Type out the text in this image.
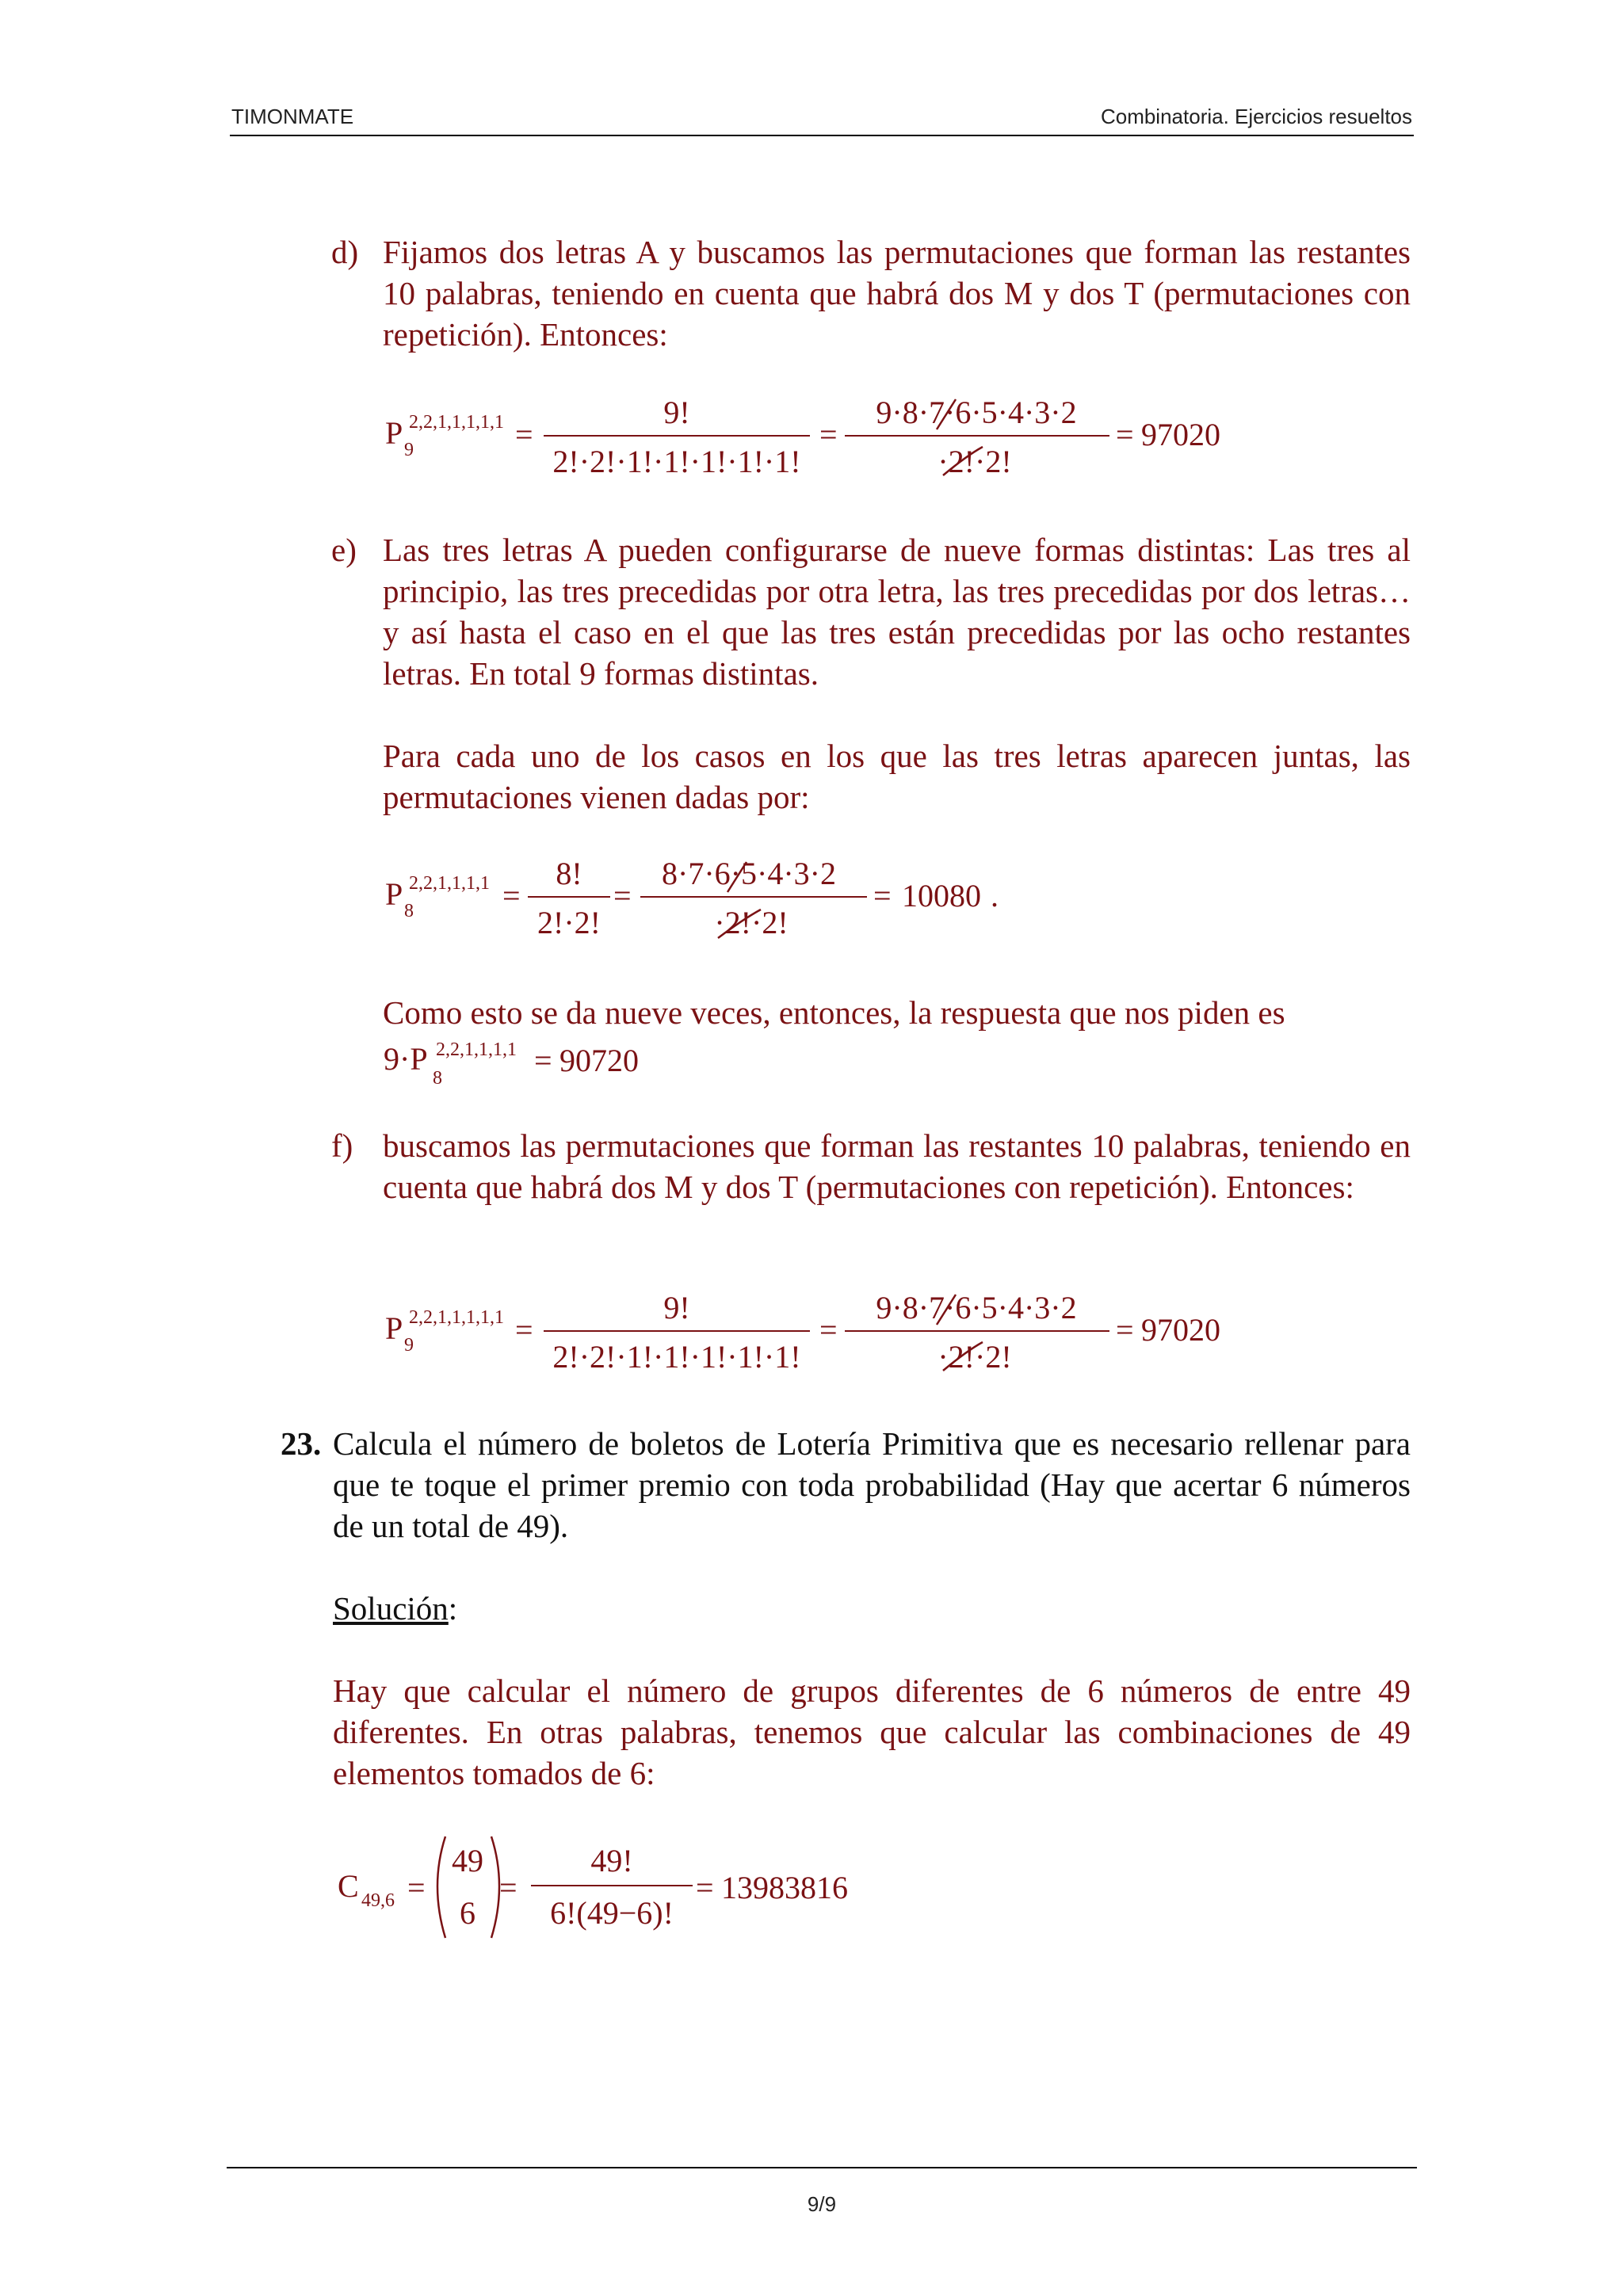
TIMONMATE	Combinatoria. Ejercicios resueltos
d) Fijamos dos letras A y buscamos las permutaciones que forman las restantes 10 palabras, teniendo en cuenta que habrá dos M y dos T (permutaciones con repetición). Entonces:
P 2,2,1,1,1,1,1
9	=
9!
2!·2!·1!·1!·1!·1!·1!
=
9·8·7·6·5·4·3·2
·2!·2!
= 97020
e) Las tres letras A pueden configurarse de nueve formas distintas: Las tres al principio, las tres precedidas por otra letra, las tres precedidas por dos letras… y así hasta el caso en el que las tres están precedidas por las ocho restantes letras. En total 9 formas distintas.
Para cada uno de los casos en los que las tres letras aparecen juntas, las permutaciones vienen dadas por:
P 2,2,1,1,1,1
8	=
8!
2!·2!
=
8·7·6·5·4·3·2
·2!·2!
= 10080 .
Como esto se da nueve veces, entonces, la respuesta que nos piden es
9·P 2,2,1,1,1,1
8	= 90720
f) buscamos las permutaciones que forman las restantes 10 palabras, teniendo en cuenta que habrá dos M y dos T (permutaciones con repetición). Entonces:
P 2,2,1,1,1,1,1
9	=
9!
2!·2!·1!·1!·1!·1!·1!
=
9·8·7·6·5·4·3·2
·2!·2!
= 97020
23. Calcula el número de boletos de Lotería Primitiva que es necesario rellenar para que te toque el primer premio con toda probabilidad (Hay que acertar 6 números de un total de 49).
Solución:
Hay que calcular el número de grupos diferentes de 6 números de entre 49 diferentes. En otras palabras, tenemos que calcular las combinaciones de 49 elementos tomados de 6:
C 49,6 =
49
6
=
49!
6!(49−6)!
= 13983816
9/9
